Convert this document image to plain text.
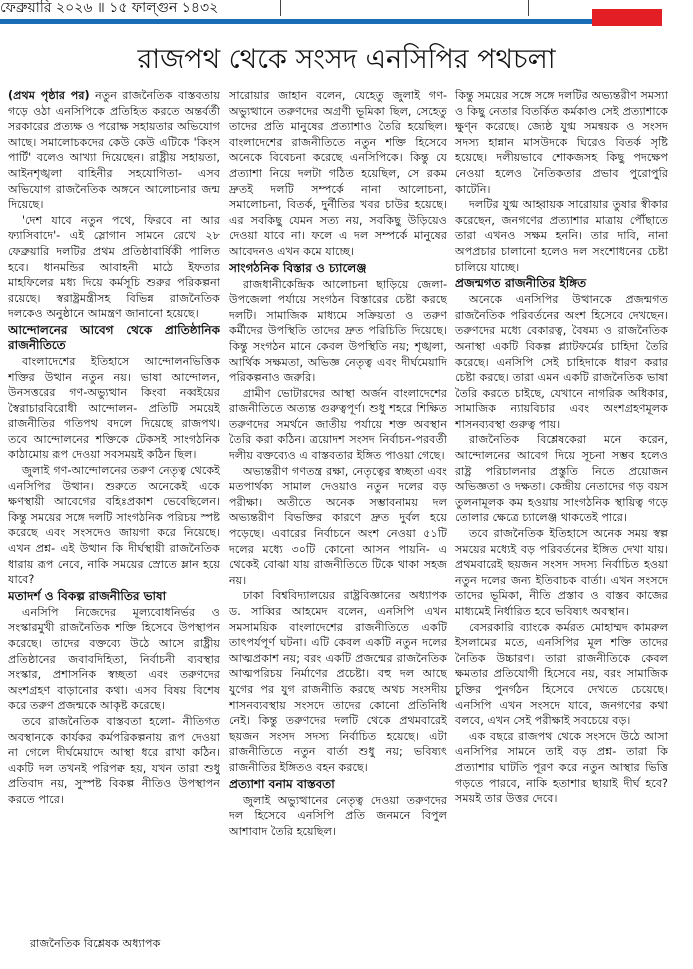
ফেব্রুয়ারি ২০২৬ ॥ ১৫ ফাল্গুন ১৪৩২
রাজপথ থেকে সংসদ এনসিপির পথচলা

(প্রথম পৃষ্ঠার পর) নতুন রাজনৈতিক বাস্তবতায় গড়ে ওঠা এনসিপিকে প্রতিহিত করতে অন্তর্বর্তী সরকারের প্রত্যক্ষ ও পরোক্ষ সহায়তার অভিযোগ আছে। সমালোচকদের কেউ কেউ এটিকে 'কিংস পার্টি' বলেও আখ্যা দিয়েছেন। রাষ্ট্রীয় সহায়তা, আইনশৃঙ্খলা বাহিনীর সহযোগিতা- এসব অভিযোগ রাজনৈতিক অঙ্গনে আলোচনার জন্ম দিয়েছে।

'দেশ যাবে নতুন পথে, ফিরবে না আর ফ্যাসিবাদে'- এই স্লোগান সামনে রেখে ২৮ ফেব্রুয়ারি দলটির প্রথম প্রতিষ্ঠাবার্ষিকী পালিত হবে। ধানমন্ডির আবাহনী মাঠে ইফতার মাহফিলের মধ্য দিয়ে কর্মসূচি শুরুর পরিকল্পনা রয়েছে। স্বরাষ্ট্রমন্ত্রীসহ বিভিন্ন রাজনৈতিক দলকেও অনুষ্ঠানে আমন্ত্রণ জানানো হয়েছে।

আন্দোলনের আবেগ থেকে প্রাতিষ্ঠানিক রাজনীতিতে

বাংলাদেশের ইতিহাসে আন্দোলনভিত্তিক শক্তির উত্থান নতুন নয়। ভাষা আন্দোলন, উনসত্তরের গণ-অভ্যুত্থান কিংবা নব্বইয়ের স্বৈরাচারবিরোধী আন্দোলন- প্রতিটি সময়েই রাজনীতির গতিপথ বদলে দিয়েছে রাজপথ। তবে আন্দোলনের শক্তিকে টেকসই সাংগঠনিক কাঠামোয় রূপ দেওয়া সবসময়ই কঠিন ছিল।

জুলাই গণ-আন্দোলনের তরুণ নেতৃত্ব থেকেই এনসিপির উত্থান। শুরুতে অনেকেই একে ক্ষণস্থায়ী আবেগের বহিঃপ্রকাশ ভেবেছিলেন। কিন্তু সময়ের সঙ্গে দলটি সাংগঠনিক পরিচয় স্পষ্ট করেছে এবং সংসদেও জায়গা করে নিয়েছে। এখন প্রশ্ন- এই উত্থান কি দীর্ঘস্থায়ী রাজনৈতিক ধারায় রূপ নেবে, নাকি সময়ের স্রোতে ম্লান হয়ে যাবে?

মতাদর্শ ও বিকল্প রাজনীতির ভাষা

এনসিপি নিজেদের মূল্যবোধনির্ভর ও সংস্কারমুখী রাজনৈতিক শক্তি হিসেবে উপস্থাপন করেছে। তাদের বক্তব্যে উঠে আসে রাষ্ট্রীয় প্রতিষ্ঠানের জবাবদিহিতা, নির্বাচনী ব্যবস্থার সংস্কার, প্রশাসনিক স্বচ্ছতা এবং তরুণদের অংশগ্রহণ বাড়ানোর কথা। এসব বিষয় বিশেষ করে তরুণ প্রজন্মকে আকৃষ্ট করেছে।

তবে রাজনৈতিক বাস্তবতা হলো- নীতিগত অবস্থানকে কার্যকর কর্মপরিকল্পনায় রূপ দেওয়া না গেলে দীর্ঘমেয়াদে আস্থা ধরে রাখা কঠিন। একটি দল তখনই পরিপক্ব হয়, যখন তারা শুধু প্রতিবাদ নয়, সুস্পষ্ট বিকল্প নীতিও উপস্থাপন করতে পারে।

রাজনৈতিক বিশ্লেষক অধ্যাপক

সারোয়ার জাহান বলেন, যেহেতু জুলাই গণ-অভ্যুত্থানে তরুণদের অগ্রণী ভূমিকা ছিল, সেহেতু তাদের প্রতি মানুষের প্রত্যাশাও তৈরি হয়েছিল। বাংলাদেশের রাজনীতিতে নতুন শক্তি হিসেবে অনেকে বিবেচনা করেছে এনসিপিকে। কিন্তু যে প্রত্যাশা নিয়ে দলটা গঠিত হয়েছিল, সে রকম দ্রুতই দলটি সম্পর্কে নানা আলোচনা, সমালোচনা, বিতর্ক, দুর্নীতির খবর চাউর হয়েছে। এর সবকিছু যেমন সত্য নয়, সবকিছু উড়িয়েও দেওয়া যাবে না। ফলে এ দল সম্পর্কে মানুষের আবেদনও এখন কমে যাচ্ছে।

সাংগঠনিক বিস্তার ও চ্যালেঞ্জ

রাজধানীকেন্দ্রিক আলোচনা ছাড়িয়ে জেলা-উপজেলা পর্যায়ে সংগঠন বিস্তারের চেষ্টা করছে দলটি। সামাজিক মাধ্যমে সক্রিয়তা ও তরুণ কর্মীদের উপস্থিতি তাদের দ্রুত পরিচিতি দিয়েছে। কিন্তু সংগঠন মানে কেবল উপস্থিতি নয়; শৃঙ্খলা, আর্থিক সক্ষমতা, অভিজ্ঞ নেতৃত্ব এবং দীর্ঘমেয়াদি পরিকল্পনাও জরুরি।

গ্রামীণ ভোটারদের আস্থা অর্জন বাংলাদেশের রাজনীতিতে অত্যন্ত গুরুত্বপূর্ণ। শুধু শহরে শিক্ষিত তরুণদের সমর্থনে জাতীয় পর্যায়ে শক্ত অবস্থান তৈরি করা কঠিন। ত্রয়োদশ সংসদ নির্বাচন-পরবর্তী দলীয় বক্তব্যেও এ বাস্তবতার ইঙ্গিত পাওয়া গেছে।

অভ্যন্তরীণ গণতন্ত্র রক্ষা, নেতৃত্বের স্বচ্ছতা এবং মতপার্থক্য সামাল দেওয়াও নতুন দলের বড় পরীক্ষা। অতীতে অনেক সম্ভাবনাময় দল অভ্যন্তরীণ বিভক্তির কারণে দ্রুত দুর্বল হয়ে পড়েছে। এবারের নির্বাচনে অংশ নেওয়া ৫১টি দলের মধ্যে ৩০টি কোনো আসন পায়নি- এ থেকেই বোঝা যায় রাজনীতিতে টিকে থাকা সহজ নয়।

ঢাকা বিশ্ববিদ্যালয়ের রাষ্ট্রবিজ্ঞানের অধ্যাপক ড. সাব্বির আহমেদ বলেন, এনসিপি এখন সমসাময়িক বাংলাদেশের রাজনীতিতে একটি তাৎপর্যপূর্ণ ঘটনা। এটি কেবল একটি নতুন দলের আত্মপ্রকাশ নয়; বরং একটি প্রজন্মের রাজনৈতিক আত্মপরিচয় নির্মাণের প্রচেষ্টা। বহু দল আছে যুগের পর যুগ রাজনীতি করছে অথচ সংসদীয় শাসনব্যবস্থায় সংসদে তাদের কোনো প্রতিনিধি নেই। কিন্তু তরুণদের দলটি থেকে প্রথমবারেই ছয়জন সংসদ সদস্য নির্বাচিত হয়েছে। এটা রাজনীতিতে নতুন বার্তা শুধু নয়; ভবিষ্যৎ রাজনীতির ইঙ্গিতও বহন করছে।

প্রত্যাশা বনাম বাস্তবতা

জুলাই অভ্যুত্থানের নেতৃত্ব দেওয়া তরুণদের দল হিসেবে এনসিপি প্রতি জনমনে বিপুল আশাবাদ তৈরি হয়েছিল।

কিন্তু সময়ের সঙ্গে সঙ্গে দলটির অভ্যন্তরীণ সমস্যা ও কিছু নেতার বিতর্কিত কর্মকাণ্ড সেই প্রত্যাশাকে ক্ষুণ্ন করেছে। জ্যেষ্ঠ যুগ্ম সমন্বয়ক ও সংসদ সদস্য হান্নান মাসউদকে ঘিরেও বিতর্ক সৃষ্টি হয়েছে। দলীয়ভাবে শোকজসহ কিছু পদক্ষেপ নেওয়া হলেও নৈতিকতার প্রভাব পুরোপুরি কাটেনি।

দলটির যুগ্ম আহ্বায়ক সারোয়ার তুষার স্বীকার করেছেন, জনগণের প্রত্যাশার মাত্রায় পৌঁছাতে তারা এখনও সক্ষম হননি। তার দাবি, নানা অপপ্রচার চালানো হলেও দল সংশোধনের চেষ্টা চালিয়ে যাচ্ছে।

প্রজন্মগত রাজনীতির ইঙ্গিত

অনেকে এনসিপির উত্থানকে প্রজন্মগত রাজনৈতিক পরিবর্তনের অংশ হিসেবে দেখছেন। তরুণদের মধ্যে বেকারত্ব, বৈষম্য ও রাজনৈতিক অনাস্থা একটি বিকল্প প্ল্যাটফর্মের চাহিদা তৈরি করেছে। এনসিপি সেই চাহিদাকে ধারণ করার চেষ্টা করছে। তারা এমন একটি রাজনৈতিক ভাষা তৈরি করতে চাইছে, যেখানে নাগরিক অধিকার, সামাজিক ন্যায়বিচার এবং অংশগ্রহণমূলক শাসনব্যবস্থা গুরুত্ব পায়।

রাজনৈতিক বিশ্লেষকেরা মনে করেন, আন্দোলনের আবেগ দিয়ে সূচনা সম্ভব হলেও রাষ্ট্র পরিচালনার প্রস্তুতি নিতে প্রয়োজন অভিজ্ঞতা ও দক্ষতা। কেন্দ্রীয় নেতাদের গড় বয়স তুলনামূলক কম হওয়ায় সাংগঠনিক স্থায়িত্ব গড়ে তোলার ক্ষেত্রে চ্যালেঞ্জ থাকতেই পারে।

তবে রাজনৈতিক ইতিহাসে অনেক সময় স্বল্প সময়ের মধ্যেই বড় পরিবর্তনের ইঙ্গিত দেখা যায়। প্রথমবারেই ছয়জন সংসদ সদস্য নির্বাচিত হওয়া নতুন দলের জন্য ইতিবাচক বার্তা। এখন সংসদে তাদের ভূমিকা, নীতি প্রস্তাব ও বাস্তব কাজের মাধ্যমেই নির্ধারিত হবে ভবিষ্যৎ অবস্থান।

বেসরকারি ব্যাংকে কর্মরত মোহাম্মদ কামরুল ইসলামের মতে, এনসিপির মূল শক্তি তাদের নৈতিক উচ্চারণ। তারা রাজনীতিকে কেবল ক্ষমতার প্রতিযোগী হিসেবে নয়, বরং সামাজিক চুক্তির পুনর্গঠন হিসেবে দেখতে চেয়েছে। এনসিপি এখন সংসদে যাবে, জনগণের কথা বলবে, এখন সেই পরীক্ষাই সবচেয়ে বড়।

এক বছরে রাজপথ থেকে সংসদে উঠে আসা এনসিপির সামনে তাই বড় প্রশ্ন- তারা কি প্রত্যাশার ঘাটতি পূরণ করে নতুন আস্থার ভিত্তি গড়তে পারবে, নাকি হতাশার ছায়াই দীর্ঘ হবে? সময়ই তার উত্তর দেবে।
